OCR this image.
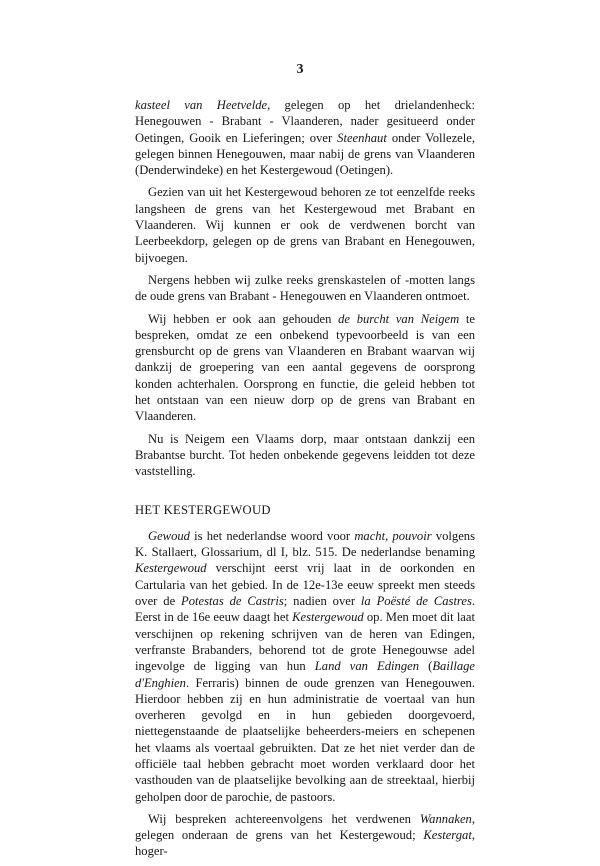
3

kasteel van Heetvelde, gelegen op het drielandenheck: Henegouwen - Brabant - Vlaanderen, nader gesitueerd onder Oetingen, Gooik en Lieferingen; over Steenhaut onder Vollezele, gelegen binnen Henegouwen, maar nabij de grens van Vlaanderen (Denderwindeke) en het Kestergewoud (Oetingen).

Gezien van uit het Kestergewoud behoren ze tot eenzelfde reeks langsheen de grens van het Kestergewoud met Brabant en Vlaanderen. Wij kunnen er ook de verdwenen borcht van Leerbeekdorp, gelegen op de grens van Brabant en Henegouwen, bijvoegen.

Nergens hebben wij zulke reeks grenskastelen of -motten langs de oude grens van Brabant - Henegouwen en Vlaanderen ontmoet.

Wij hebben er ook aan gehouden de burcht van Neigem te bespreken, omdat ze een onbekend typevoorbeeld is van een grensburcht op de grens van Vlaanderen en Brabant waarvan wij dankzij de groepering van een aantal gegevens de oorsprong konden achterhalen. Oorsprong en functie, die geleid hebben tot het ontstaan van een nieuw dorp op de grens van Brabant en Vlaanderen.

Nu is Neigem een Vlaams dorp, maar ontstaan dankzij een Brabantse burcht. Tot heden onbekende gegevens leidden tot deze vaststelling.

HET KESTERGEWOUD

Gewoud is het nederlandse woord voor macht, pouvoir volgens K. Stallaert, Glossarium, dl I, blz. 515. De nederlandse benaming Kestergewoud verschijnt eerst vrij laat in de oorkonden en Cartularia van het gebied. In de 12e-13e eeuw spreekt men steeds over de Potestas de Castris; nadien over la Poësté de Castres. Eerst in de 16e eeuw daagt het Kestergewoud op. Men moet dit laat verschijnen op rekening schrijven van de heren van Edingen, verfranste Brabanders, behorend tot de grote Henegouwse adel ingevolge de ligging van hun Land van Edingen (Baillage d'Enghien. Ferraris) binnen de oude grenzen van Henegouwen. Hierdoor hebben zij en hun administratie de voertaal van hun overheren gevolgd en in hun gebieden doorgevoerd, niettegenstaande de plaatselijke beheerders-meiers en schepenen het vlaams als voertaal gebruikten. Dat ze het niet verder dan de officiële taal hebben gebracht moet worden verklaard door het vasthouden van de plaatselijke bevolking aan de streektaal, hierbij geholpen door de parochie, de pastoors.

Wij bespreken achtereenvolgens het verdwenen Wannaken, gelegen onderaan de grens van het Kestergewoud; Kestergat, hoger-
